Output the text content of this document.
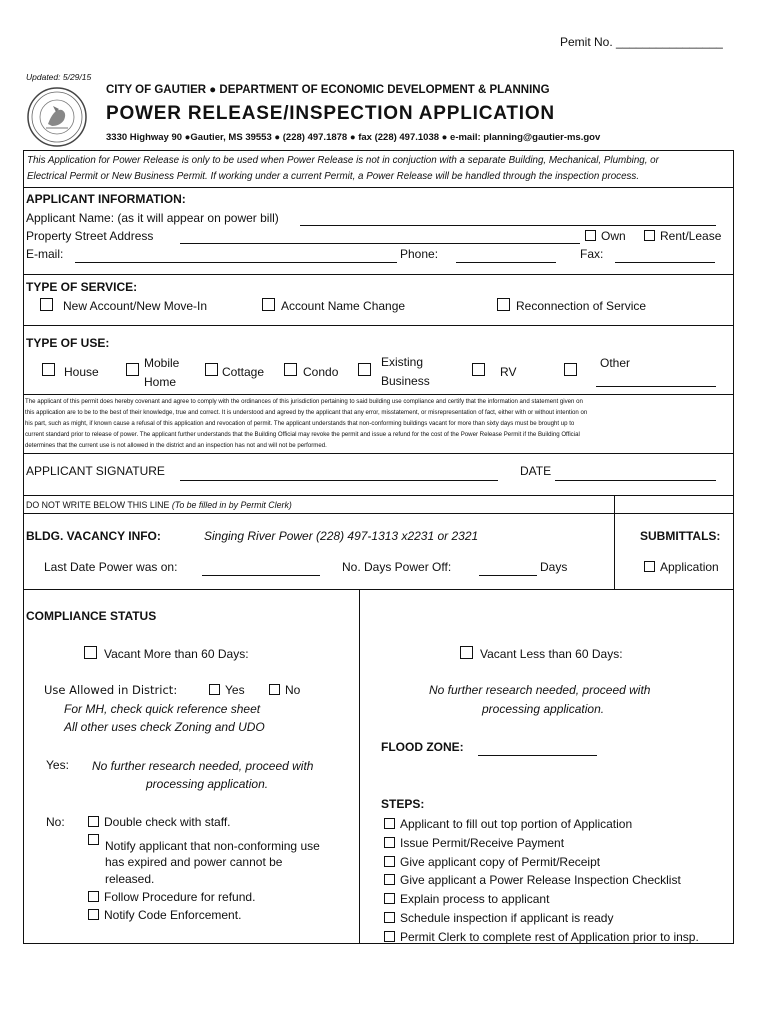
Pemit No. ________________
Updated: 5/29/15
CITY OF GAUTIER ● DEPARTMENT OF ECONOMIC DEVELOPMENT & PLANNING
POWER RELEASE/INSPECTION APPLICATION
3330 Highway 90 ●Gautier, MS 39553 ● (228) 497.1878 ● fax (228) 497.1038 ● e-mail: planning@gautier-ms.gov
This Application for Power Release is only to be used when Power Release is not in conjuction with a separate Building, Mechanical, Plumbing, or
Electrical Permit or New Business Permit. If working under a current Permit, a Power Release will be handled through the inspection process.
APPLICANT INFORMATION:
Applicant Name: (as it will appear on power bill)
Property Street Address	Own	Rent/Lease
E-mail:	Phone:	Fax:
TYPE OF SERVICE:
New Account/New Move-In	Account Name Change	Reconnection of Service
TYPE OF USE:
House
Mobile
Home
Cottage	Condo
Existing
Business
RV
Other
The applicant of this permit does hereby covenant and agree to comply with the ordinances of this jurisdiction pertaining to said building use compliance and certify that the information and statement given on
this application are to be to the best of their knowledge, true and correct. It is understood and agreed by the applicant that any error, misstatement, or misrepresentation of fact, either with or without intention on
his part, such as might, if known cause a refusal of this application and revocation of permit. The applicant understands that non-conforming buildings vacant for more than sixty days must be brought up to
current standard prior to release of power. The applicant further understands that the Building Official may revoke the permit and issue a refund for the cost of the Power Release Permit if the Building Official
determines that the current use is not allowed in the district and an inspection has not and will not be performed.
APPLICANT SIGNATURE	DATE
DO NOT WRITE BELOW THIS LINE (To be filled in by Permit Clerk)
BLDG. VACANCY INFO:	Singing River Power (228) 497-1313 x2231 or 2321	SUBMITTALS:
Last Date Power was on:	No. Days Power Off:	Days	Application
COMPLIANCE STATUS
Vacant More than 60 Days:
Use Allowed in District:	Yes	No
For MH, check quick reference sheet
All other uses check Zoning and UDO
Yes: No further research needed, proceed with
processing application.
No:	Double check with staff.
Notify applicant that non-conforming use
has expired and power cannot be
released.
Follow Procedure for refund.
Notify Code Enforcement.
Vacant Less than 60 Days:
No further research needed, proceed with
processing application.
FLOOD ZONE:
STEPS:
Applicant to fill out top portion of Application
Issue Permit/Receive Payment
Give applicant copy of Permit/Receipt
Give applicant a Power Release Inspection Checklist
Explain process to applicant
Schedule inspection if applicant is ready
Permit Clerk to complete rest of Application prior to insp.
